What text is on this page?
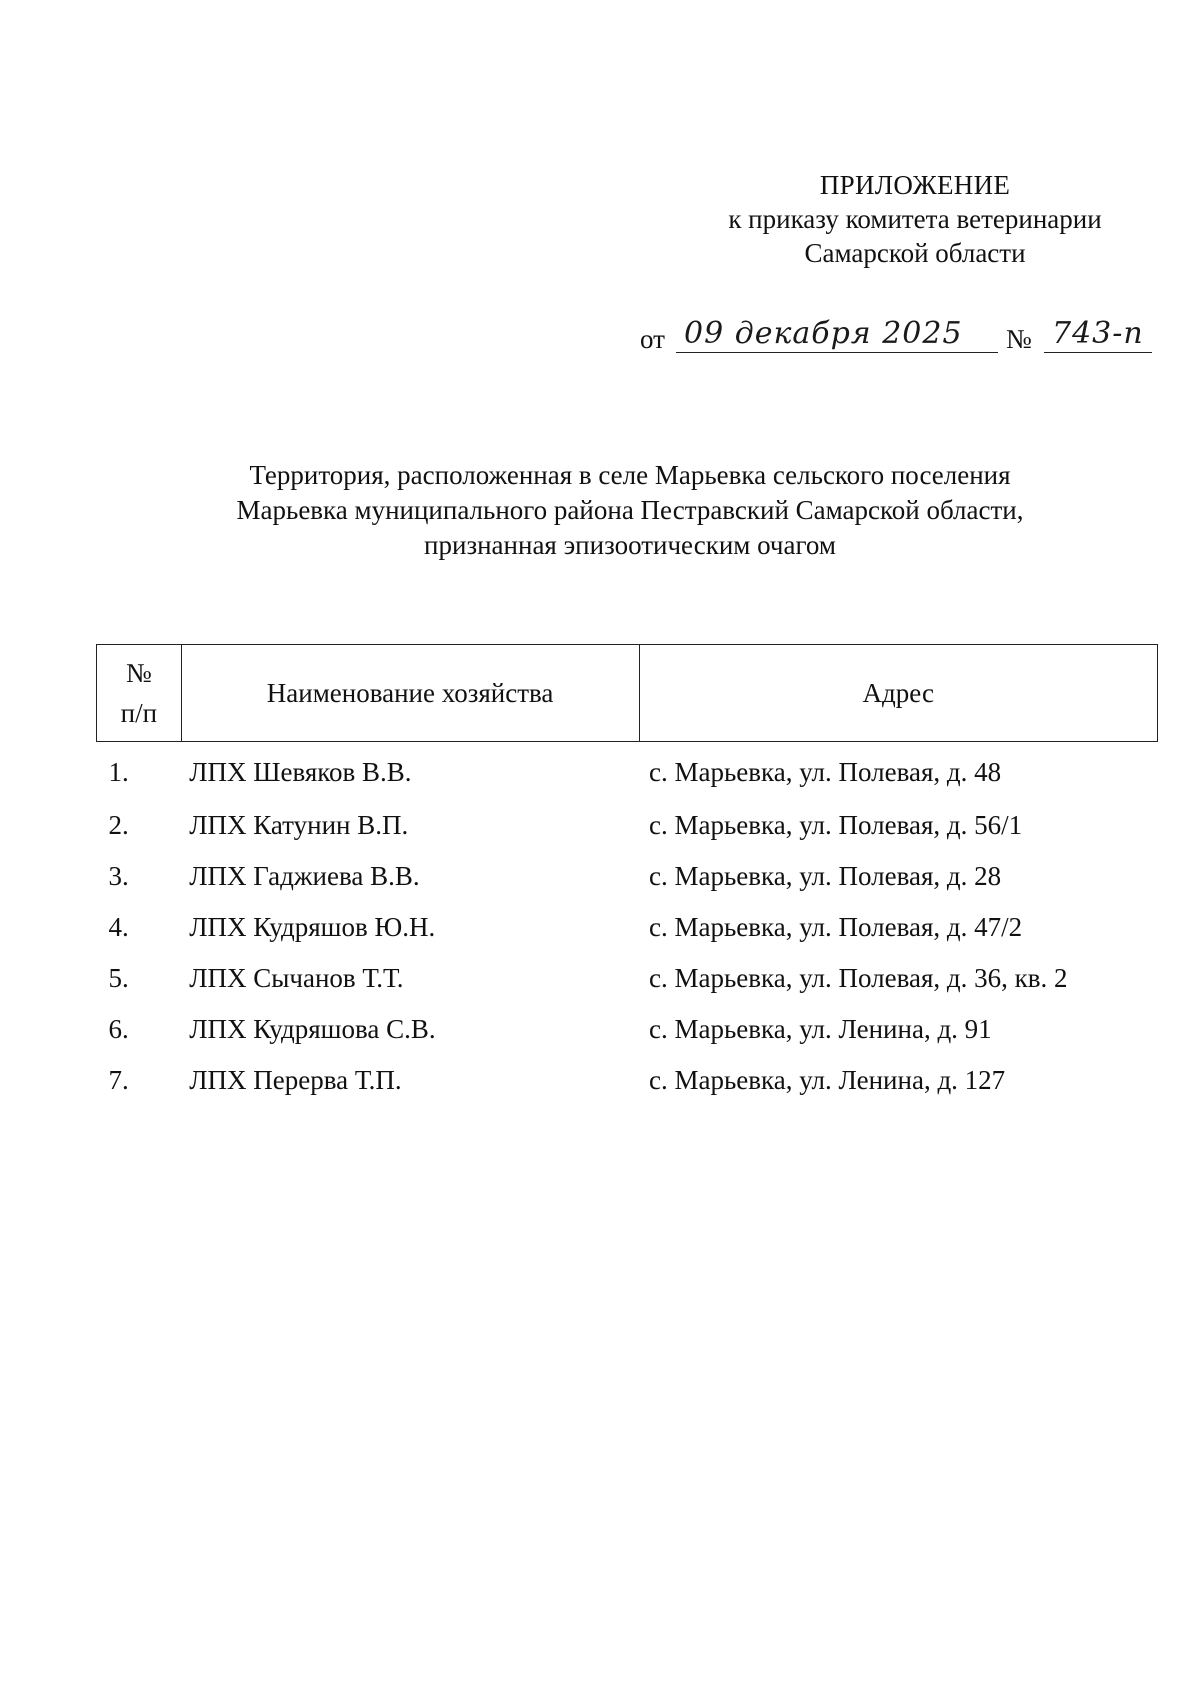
ПРИЛОЖЕНИЕ
к приказу комитета ветеринарии
Самарской области
от 09 декабря 2025 № 743-п
Территория, расположенная в селе Марьевка сельского поселения
Марьевка муниципального района Пестравский Самарской области,
признанная эпизоотическим очагом
№
п/п	Наименование хозяйства	Адрес
1.	ЛПХ Шевяков В.В.	с. Марьевка, ул. Полевая, д. 48
2.	ЛПХ Катунин В.П.	с. Марьевка, ул. Полевая, д. 56/1
3.	ЛПХ Гаджиева В.В.	с. Марьевка, ул. Полевая, д. 28
4.	ЛПХ Кудряшов Ю.Н.	с. Марьевка, ул. Полевая, д. 47/2
5.	ЛПХ Сычанов Т.Т.	с. Марьевка, ул. Полевая, д. 36, кв. 2
6.	ЛПХ Кудряшова С.В.	с. Марьевка, ул. Ленина, д. 91
7.	ЛПХ Перерва Т.П.	с. Марьевка, ул. Ленина, д. 127
